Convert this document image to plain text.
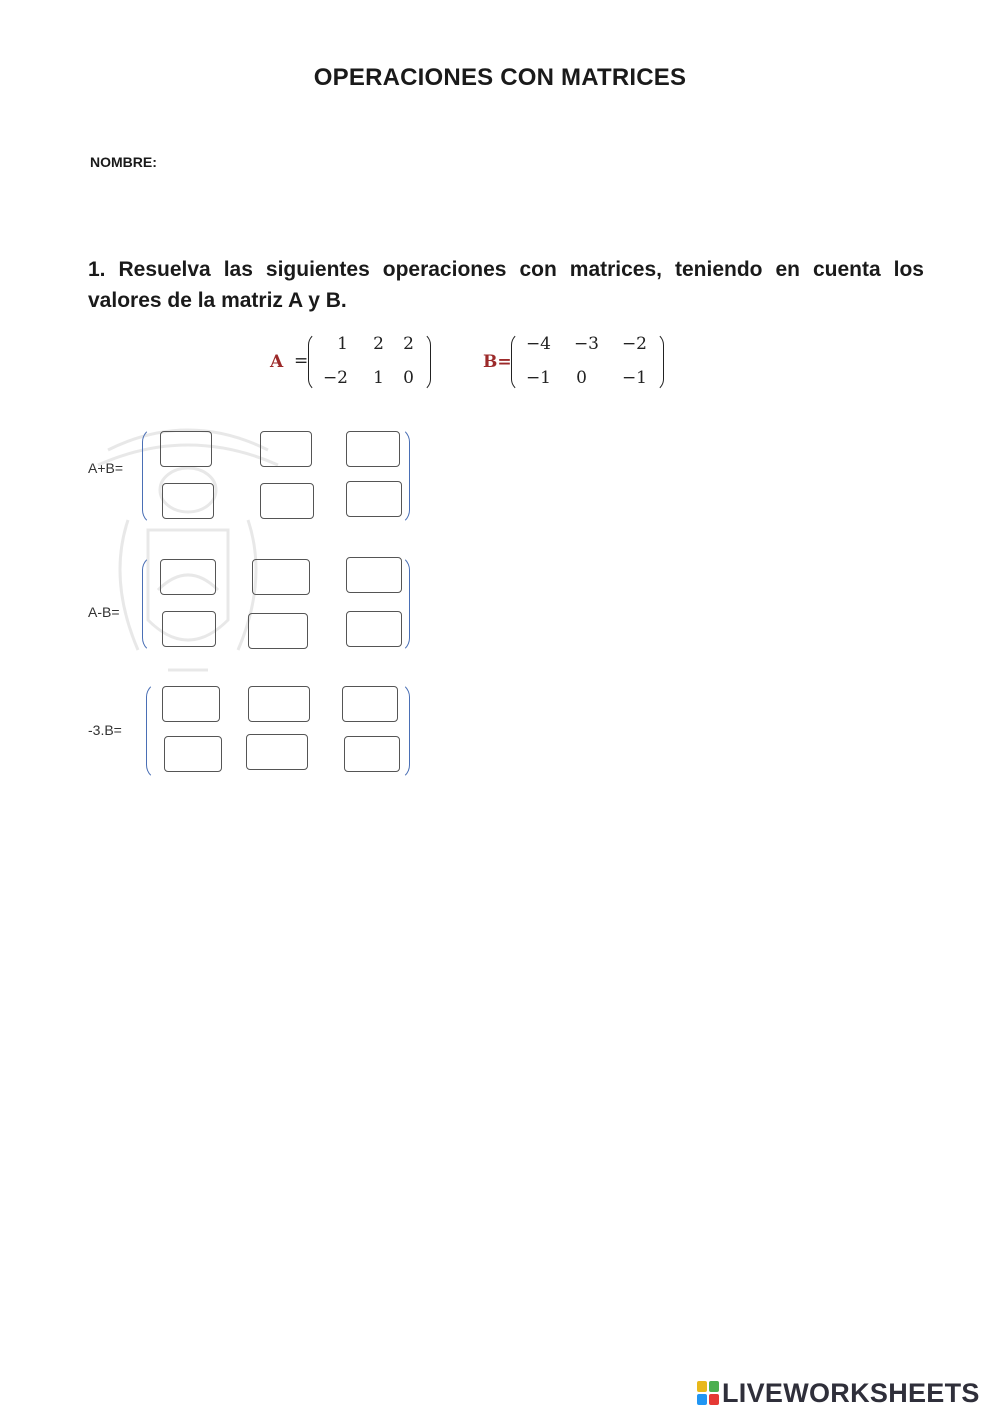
OPERACIONES CON MATRICES
NOMBRE:
1. Resuelva las siguientes operaciones con matrices, teniendo en cuenta los valores de la matriz A y B.
A =
1	2	2
−2	1	0
B=
−4 −3 −2
−1	0 −1
A+B=
A-B=
-3.B=
LIVEWORKSHEETS
